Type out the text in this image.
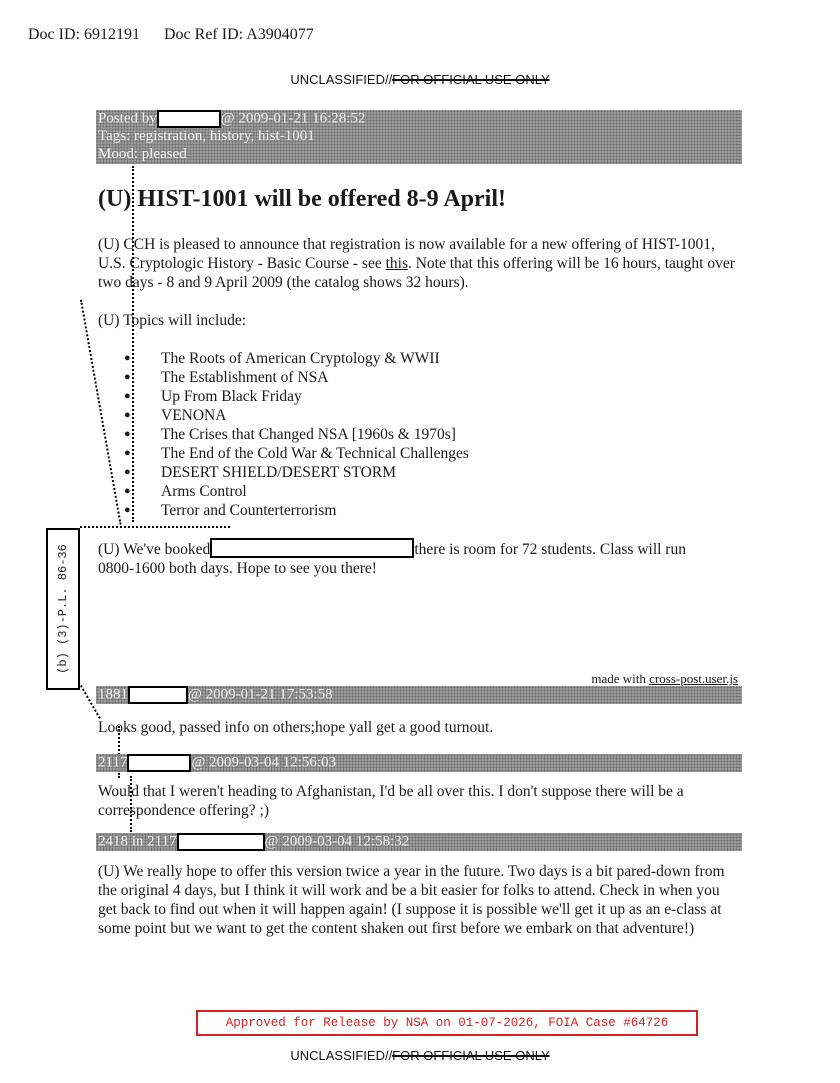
Doc ID: 6912191 Doc Ref ID: A3904077
UNCLASSIFIED//FOR OFFICIAL USE ONLY
Posted by	@ 2009-01-21 16:28:52
Tags: registration, history, hist-1001
Mood: pleased
(U) HIST-1001 will be offered 8-9 April!
(U) CCH is pleased to announce that registration is now available for a new offering of HIST-1001, U.S. Cryptologic History - Basic Course - see this. Note that this offering will be 16 hours, taught over two days - 8 and 9 April 2009 (the catalog shows 32 hours).
(U) Topics will include:
● The Roots of American Cryptology & WWII
● The Establishment of NSA
● Up From Black Friday
● VENONA
● The Crises that Changed NSA [1960s & 1970s]
● The End of the Cold War & Technical Challenges
● DESERT SHIELD/DESERT STORM
● Arms Control
● Terror and Counterterrorism
(U) We've booked	there is room for 72 students. Class will run
0800-1600 both days. Hope to see you there!
(b) (3)-P.L. 86-36
made with cross-post.user.js
1881	@ 2009-01-21 17:53:58
Looks good, passed info on others;hope yall get a good turnout.
2117	@ 2009-03-04 12:56:03
Would that I weren't heading to Afghanistan, I'd be all over this. I don't suppose there will be a correspondence offering? ;)
2418 in 2117	@ 2009-03-04 12:58:32
(U) We really hope to offer this version twice a year in the future. Two days is a bit pared-down from the original 4 days, but I think it will work and be a bit easier for folks to attend. Check in when you get back to find out when it will happen again! (I suppose it is possible we'll get it up as an e-class at some point but we want to get the content shaken out first before we embark on that adventure!)
Approved for Release by NSA on 01-07-2026, FOIA Case #64726
UNCLASSIFIED//FOR OFFICIAL USE ONLY
